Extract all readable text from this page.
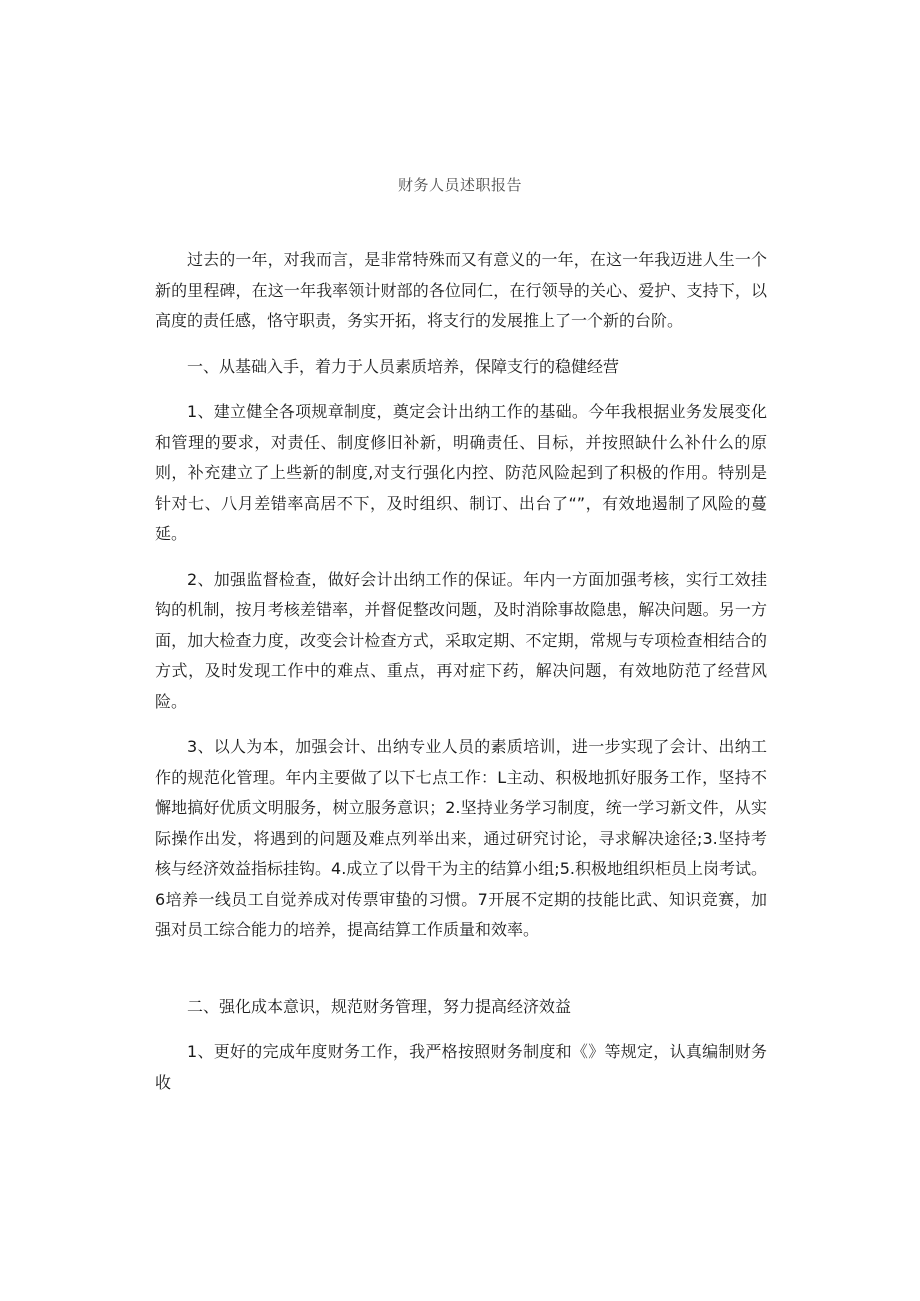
财务人员述职报告

过去的一年，对我而言，是非常特殊而又有意义的一年，在这一年我迈进人生一个新的里程碑，在这一年我率领计财部的各位同仁，在行领导的关心、爱护、支持下，以高度的责任感，恪守职责，务实开拓，将支行的发展推上了一个新的台阶。

一、从基础入手，着力于人员素质培养，保障支行的稳健经营

1、建立健全各项规章制度，奠定会计出纳工作的基础。今年我根据业务发展变化和管理的要求，对责任、制度修旧补新，明确责任、目标，并按照缺什么补什么的原则，补充建立了上些新的制度,对支行强化内控、防范风险起到了积极的作用。特别是针对七、八月差错率高居不下，及时组织、制订、出台了“”，有效地遏制了风险的蔓延。

2、加强监督检查，做好会计出纳工作的保证。年内一方面加强考核，实行工效挂钩的机制，按月考核差错率，并督促整改问题，及时消除事故隐患，解决问题。另一方面，加大检查力度，改变会计检查方式，采取定期、不定期，常规与专项检查相结合的方式，及时发现工作中的难点、重点，再对症下药，解决问题，有效地防范了经营风险。

3、以人为本，加强会计、出纳专业人员的素质培训，进一步实现了会计、出纳工作的规范化管理。年内主要做了以下七点工作：L主动、积极地抓好服务工作，坚持不懈地搞好优质文明服务，树立服务意识；2.坚持业务学习制度，统一学习新文件，从实际操作出发，将遇到的问题及难点列举出来，通过研究讨论，寻求解决途径;3.坚持考核与经济效益指标挂钩。4.成立了以骨干为主的结算小组;5.积极地组织柜员上岗考试。6培养一线员工自觉养成对传票审蛰的习惯。7开展不定期的技能比武、知识竞赛，加强对员工综合能力的培养，提高结算工作质量和效率。

二、强化成本意识，规范财务管理，努力提高经济效益

1、更好的完成年度财务工作，我严格按照财务制度和《》等规定，认真编制财务收
